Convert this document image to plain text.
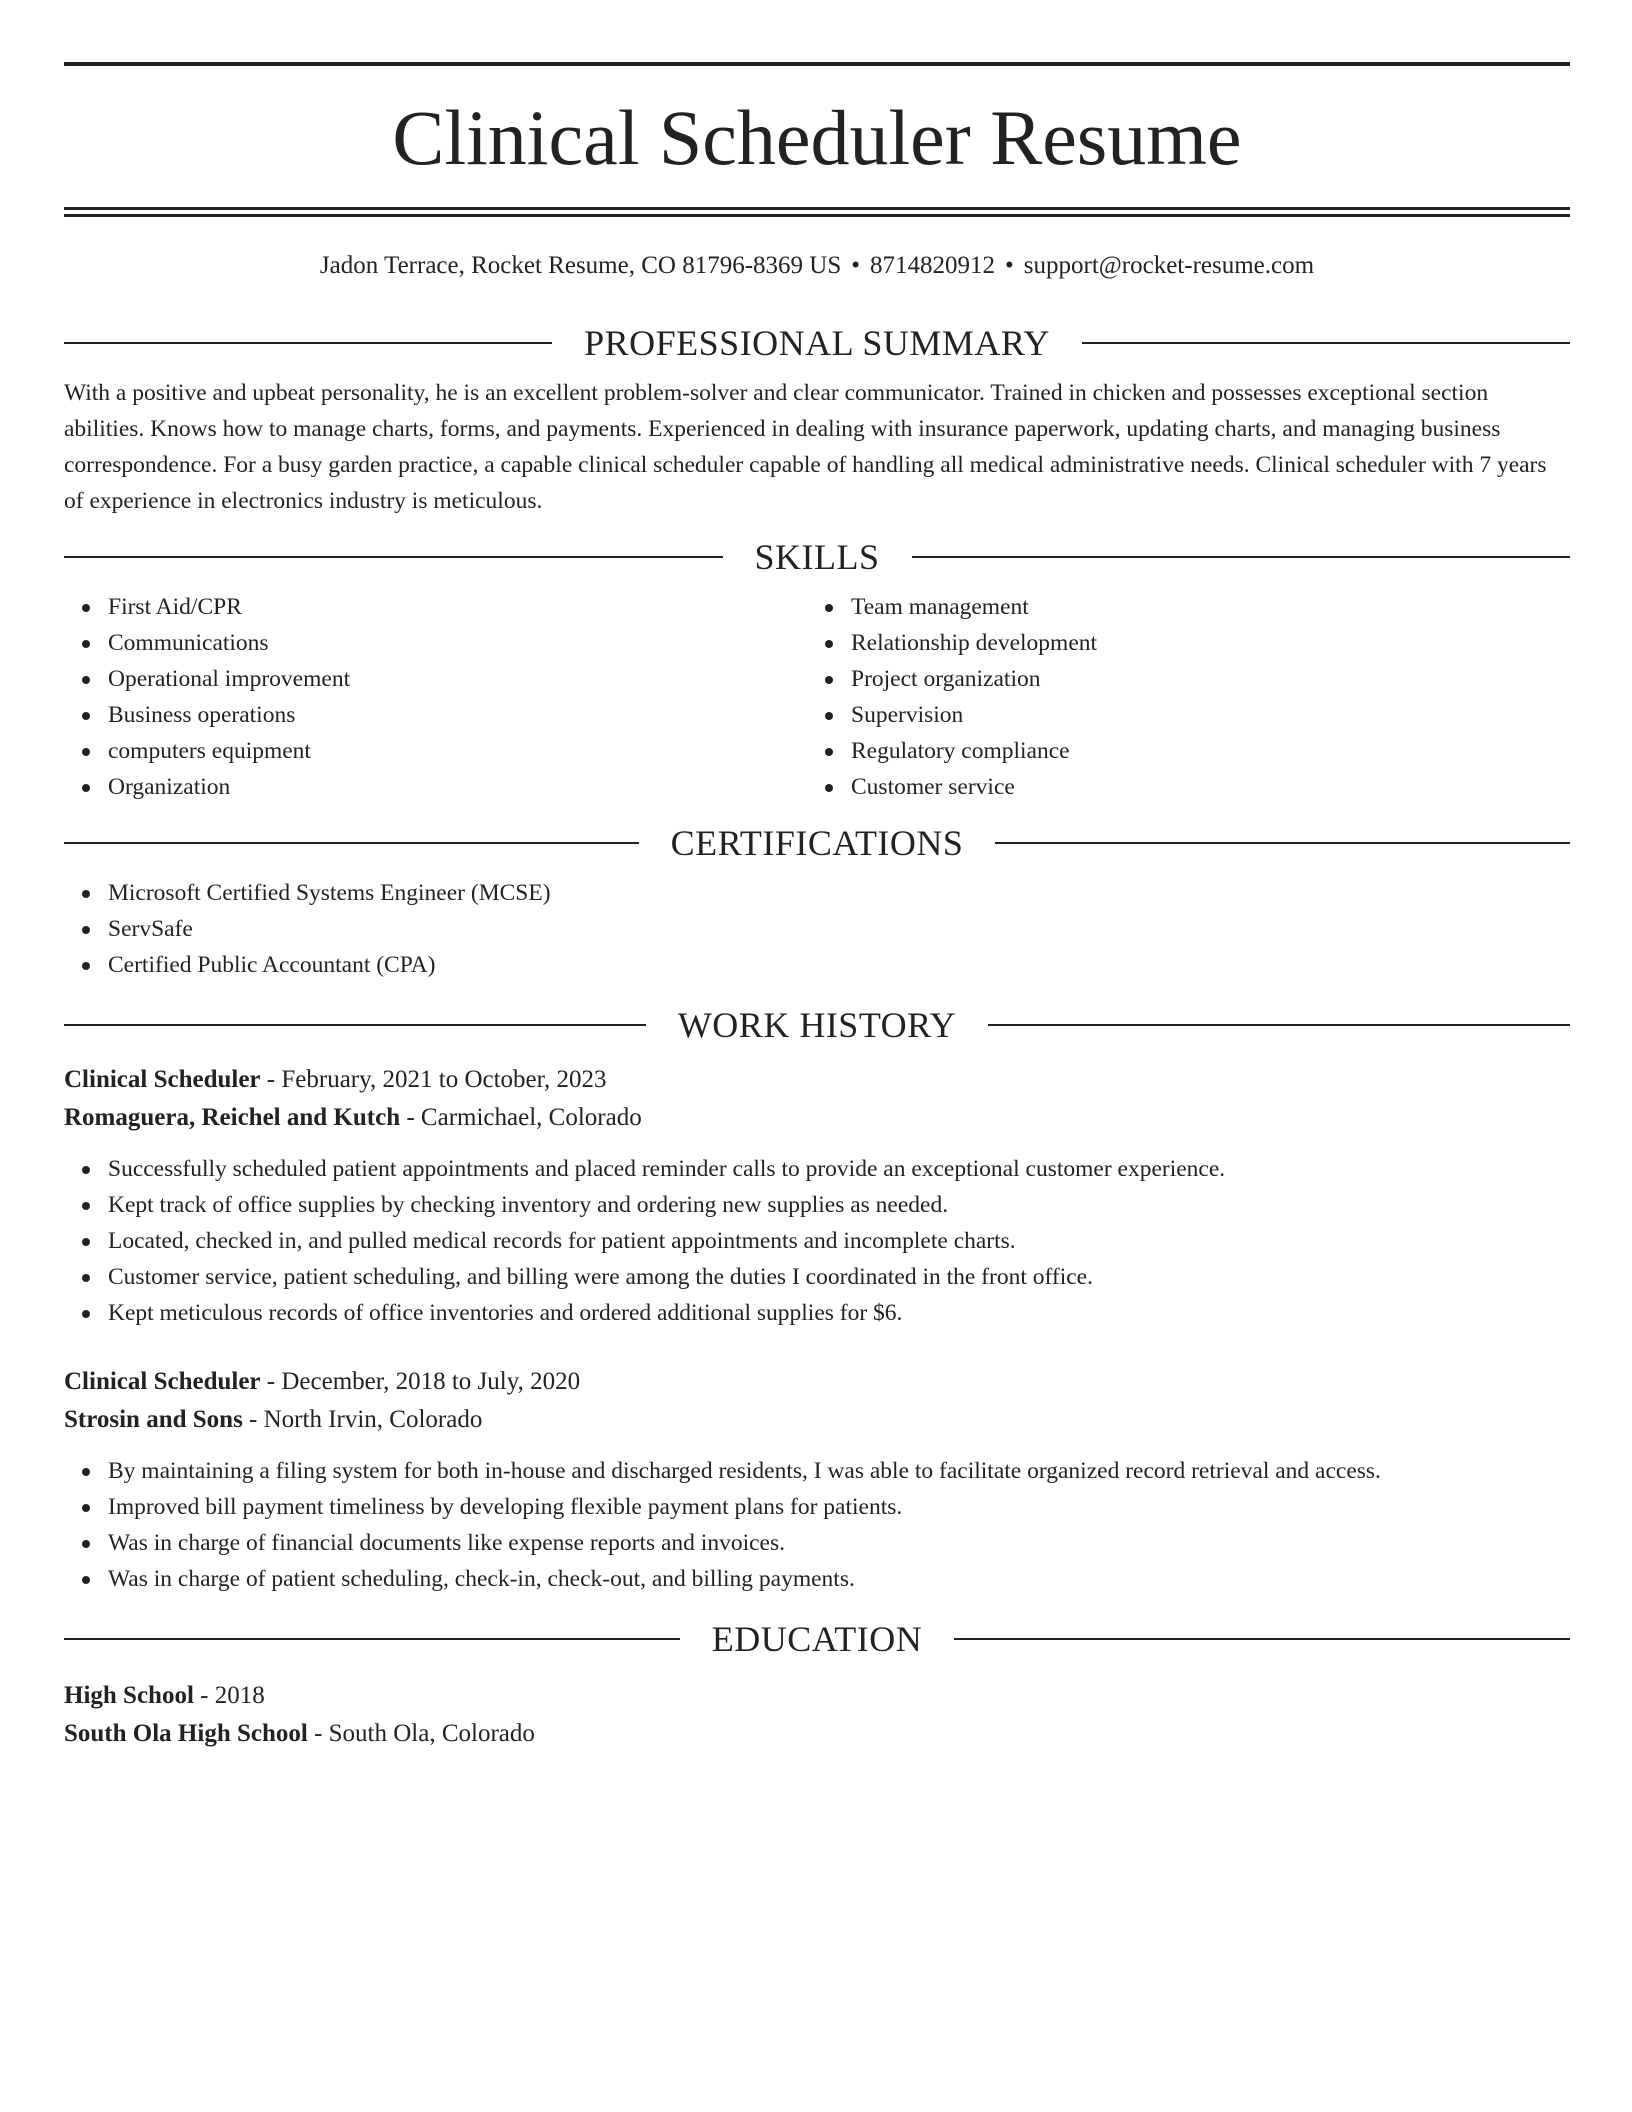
Clinical Scheduler Resume
Jadon Terrace, Rocket Resume, CO 81796-8369 US • 8714820912 • support@rocket-resume.com
PROFESSIONAL SUMMARY

With a positive and upbeat personality, he is an excellent problem-solver and clear communicator. Trained in chicken and possesses exceptional section abilities. Knows how to manage charts, forms, and payments. Experienced in dealing with insurance paperwork, updating charts, and managing business correspondence. For a busy garden practice, a capable clinical scheduler capable of handling all medical administrative needs. Clinical scheduler with 7 years of experience in electronics industry is meticulous.

SKILLS
First Aid/CPR
Communications
Operational improvement
Business operations
computers equipment
Organization
Team management
Relationship development
Project organization
Supervision
Regulatory compliance
Customer service
CERTIFICATIONS
Microsoft Certified Systems Engineer (MCSE)
ServSafe
Certified Public Accountant (CPA)
WORK HISTORY
Clinical Scheduler - February, 2021 to October, 2023
Romaguera, Reichel and Kutch - Carmichael, Colorado
Successfully scheduled patient appointments and placed reminder calls to provide an exceptional customer experience.
Kept track of office supplies by checking inventory and ordering new supplies as needed.
Located, checked in, and pulled medical records for patient appointments and incomplete charts.
Customer service, patient scheduling, and billing were among the duties I coordinated in the front office.
Kept meticulous records of office inventories and ordered additional supplies for $6.
Clinical Scheduler - December, 2018 to July, 2020
Strosin and Sons - North Irvin, Colorado
By maintaining a filing system for both in-house and discharged residents, I was able to facilitate organized record retrieval and access.
Improved bill payment timeliness by developing flexible payment plans for patients.
Was in charge of financial documents like expense reports and invoices.
Was in charge of patient scheduling, check-in, check-out, and billing payments.
EDUCATION
High School - 2018
South Ola High School - South Ola, Colorado
